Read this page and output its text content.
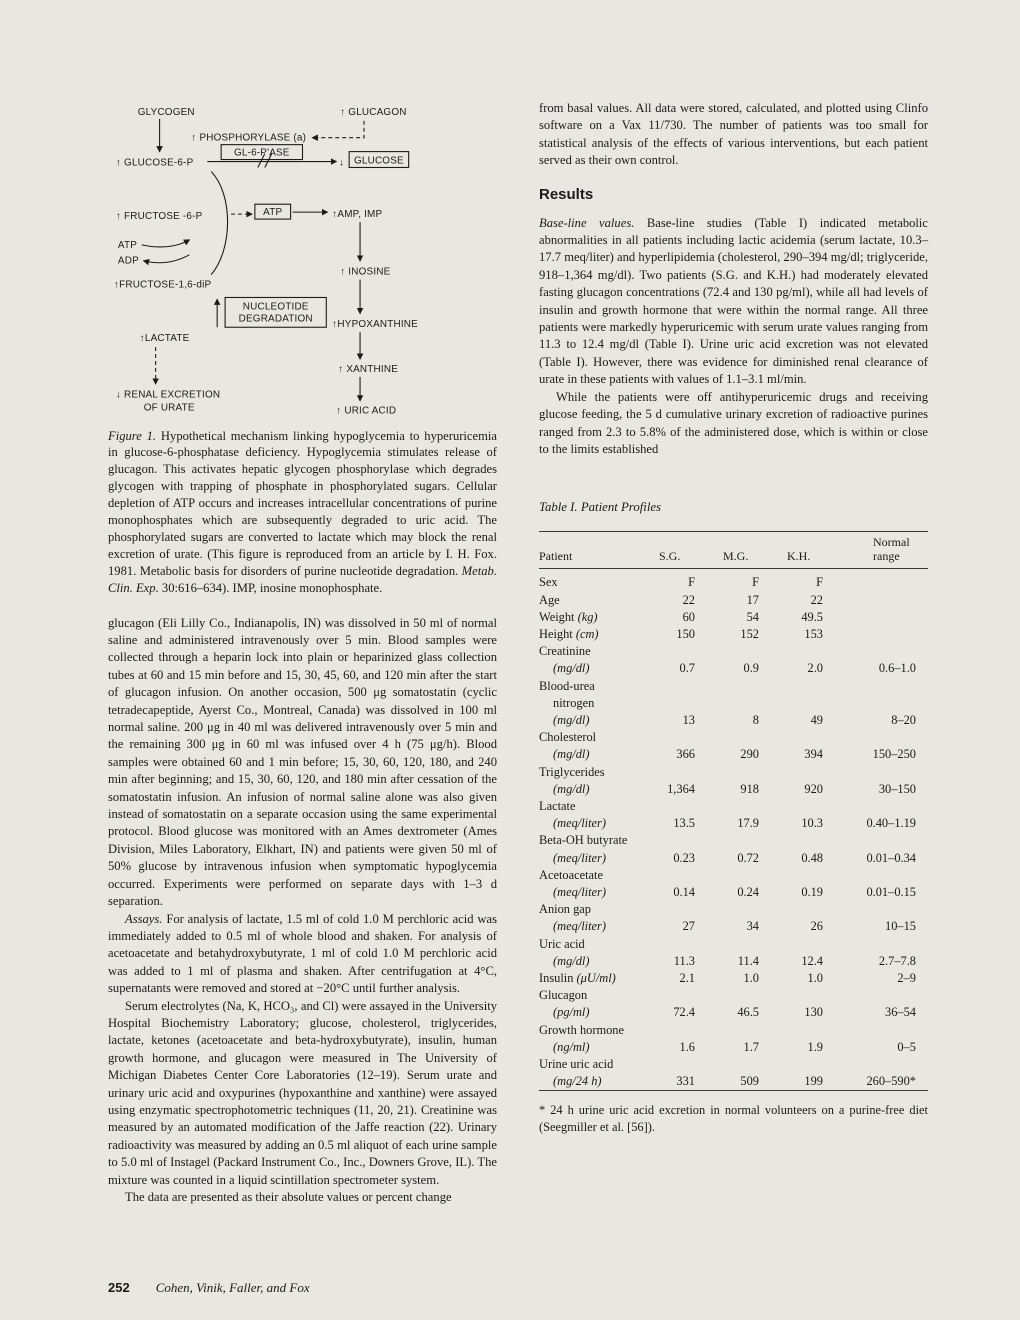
GLYCOGEN	↑ GLUCAGON
↑ PHOSPHORYLASE (a)
↑ GLUCOSE-6-P
GL-6-P'ASE
↓ GLUCOSE
↑ FRUCTOSE -6-P	ATP	↑AMP, IMP
ATP
ADP
↑FRUCTOSE-1,6-diP
↑ INOSINE
NUCLEOTIDE
DEGRADATION
↑LACTATE
↑HYPOXANTHINE
↑ XANTHINE
↓ RENAL EXCRETION
OF URATE	↑ URIC ACID

Figure 1. Hypothetical mechanism linking hypoglycemia to hyperuricemia in glucose-6-phosphatase deficiency. Hypoglycemia stimulates release of glucagon. This activates hepatic glycogen phosphorylase which degrades glycogen with trapping of phosphate in phosphorylated sugars. Cellular depletion of ATP occurs and increases intracellular concentrations of purine monophosphates which are subsequently degraded to uric acid. The phosphorylated sugars are converted to lactate which may block the renal excretion of urate. (This figure is reproduced from an article by I. H. Fox. 1981. Metabolic basis for disorders of purine nucleotide degradation. Metab. Clin. Exp. 30:616–634). IMP, inosine monophosphate.

glucagon (Eli Lilly Co., Indianapolis, IN) was dissolved in 50 ml of normal saline and administered intravenously over 5 min. Blood samples were collected through a heparin lock into plain or heparinized glass collection tubes at 60 and 15 min before and 15, 30, 45, 60, and 120 min after the start of glucagon infusion. On another occasion, 500 μg somatostatin (cyclic tetradecapeptide, Ayerst Co., Montreal, Canada) was dissolved in 100 ml normal saline. 200 μg in 40 ml was delivered intravenously over 5 min and the remaining 300 μg in 60 ml was infused over 4 h (75 μg/h). Blood samples were obtained 60 and 1 min before; 15, 30, 60, 120, 180, and 240 min after beginning; and 15, 30, 60, 120, and 180 min after cessation of the somatostatin infusion. An infusion of normal saline alone was also given instead of somatostatin on a separate occasion using the same experimental protocol. Blood glucose was monitored with an Ames dextrometer (Ames Division, Miles Laboratory, Elkhart, IN) and patients were given 50 ml of 50% glucose by intravenous infusion when symptomatic hypoglycemia occurred. Experiments were performed on separate days with 1–3 d separation.

Assays. For analysis of lactate, 1.5 ml of cold 1.0 M perchloric acid was immediately added to 0.5 ml of whole blood and shaken. For analysis of acetoacetate and betahydroxybutyrate, 1 ml of cold 1.0 M perchloric acid was added to 1 ml of plasma and shaken. After centrifugation at 4°C, supernatants were removed and stored at −20°C until further analysis.

Serum electrolytes (Na, K, HCO₃, and Cl) were assayed in the University Hospital Biochemistry Laboratory; glucose, cholesterol, triglycerides, lactate, ketones (acetoacetate and beta-hydroxybutyrate), insulin, human growth hormone, and glucagon were measured in The University of Michigan Diabetes Center Core Laboratories (12–19). Serum urate and urinary uric acid and oxypurines (hypoxanthine and xanthine) were assayed using enzymatic spectrophotometric techniques (11, 20, 21). Creatinine was measured by an automated modification of the Jaffe reaction (22). Urinary radioactivity was measured by adding an 0.5 ml aliquot of each urine sample to 5.0 ml of Instagel (Packard Instrument Co., Inc., Downers Grove, IL). The mixture was counted in a liquid scintillation spectrometer system.

The data are presented as their absolute values or percent change

from basal values. All data were stored, calculated, and plotted using Clinfo software on a Vax 11/730. The number of patients was too small for statistical analysis of the effects of various interventions, but each patient served as their own control.

Results

Base-line values. Base-line studies (Table I) indicated metabolic abnormalities in all patients including lactic acidemia (serum lactate, 10.3–17.7 meq/liter) and hyperlipidemia (cholesterol, 290–394 mg/dl; triglyceride, 918–1,364 mg/dl). Two patients (S.G. and K.H.) had moderately elevated fasting glucagon concentrations (72.4 and 130 pg/ml), while all had levels of insulin and growth hormone that were within the normal range. All three patients were markedly hyperuricemic with serum urate values ranging from 11.3 to 12.4 mg/dl (Table I). Urine uric acid excretion was not elevated (Table I). However, there was evidence for diminished renal clearance of urate in these patients with values of 1.1–3.1 ml/min.

While the patients were off antihyperuricemic drugs and receiving glucose feeding, the 5 d cumulative urinary excretion of radioactive purines ranged from 2.3 to 5.8% of the administered dose, which is within or close to the limits established

Table I. Patient Profiles
Patient	S.G.	M.G.	K.H.	Normal
range
Sex	F	F	F	
Age	22	17	22	
Weight (kg)	60	54	49.5	
Height (cm)	150	152	153	
Creatinine				
(mg/dl)	0.7	0.9	2.0	0.6–1.0
Blood-urea				
nitrogen				
(mg/dl)	13	8	49	8–20
Cholesterol				
(mg/dl)	366	290	394	150–250
Triglycerides				
(mg/dl)	1,364	918	920	30–150
Lactate				
(meq/liter)	13.5	17.9	10.3	0.40–1.19
Beta-OH butyrate				
(meq/liter)	0.23	0.72	0.48	0.01–0.34
Acetoacetate				
(meq/liter)	0.14	0.24	0.19	0.01–0.15
Anion gap				
(meq/liter)	27	34	26	10–15
Uric acid				
(mg/dl)	11.3	11.4	12.4	2.7–7.8
Insulin (μU/ml)	2.1	1.0	1.0	2–9
Glucagon				
(pg/ml)	72.4	46.5	130	36–54
Growth hormone				
(ng/ml)	1.6	1.7	1.9	0–5
Urine uric acid				
(mg/24 h)	331	509	199	260–590*

* 24 h urine uric acid excretion in normal volunteers on a purine-free diet (Seegmiller et al. [56]).

252 Cohen, Vinik, Faller, and Fox
